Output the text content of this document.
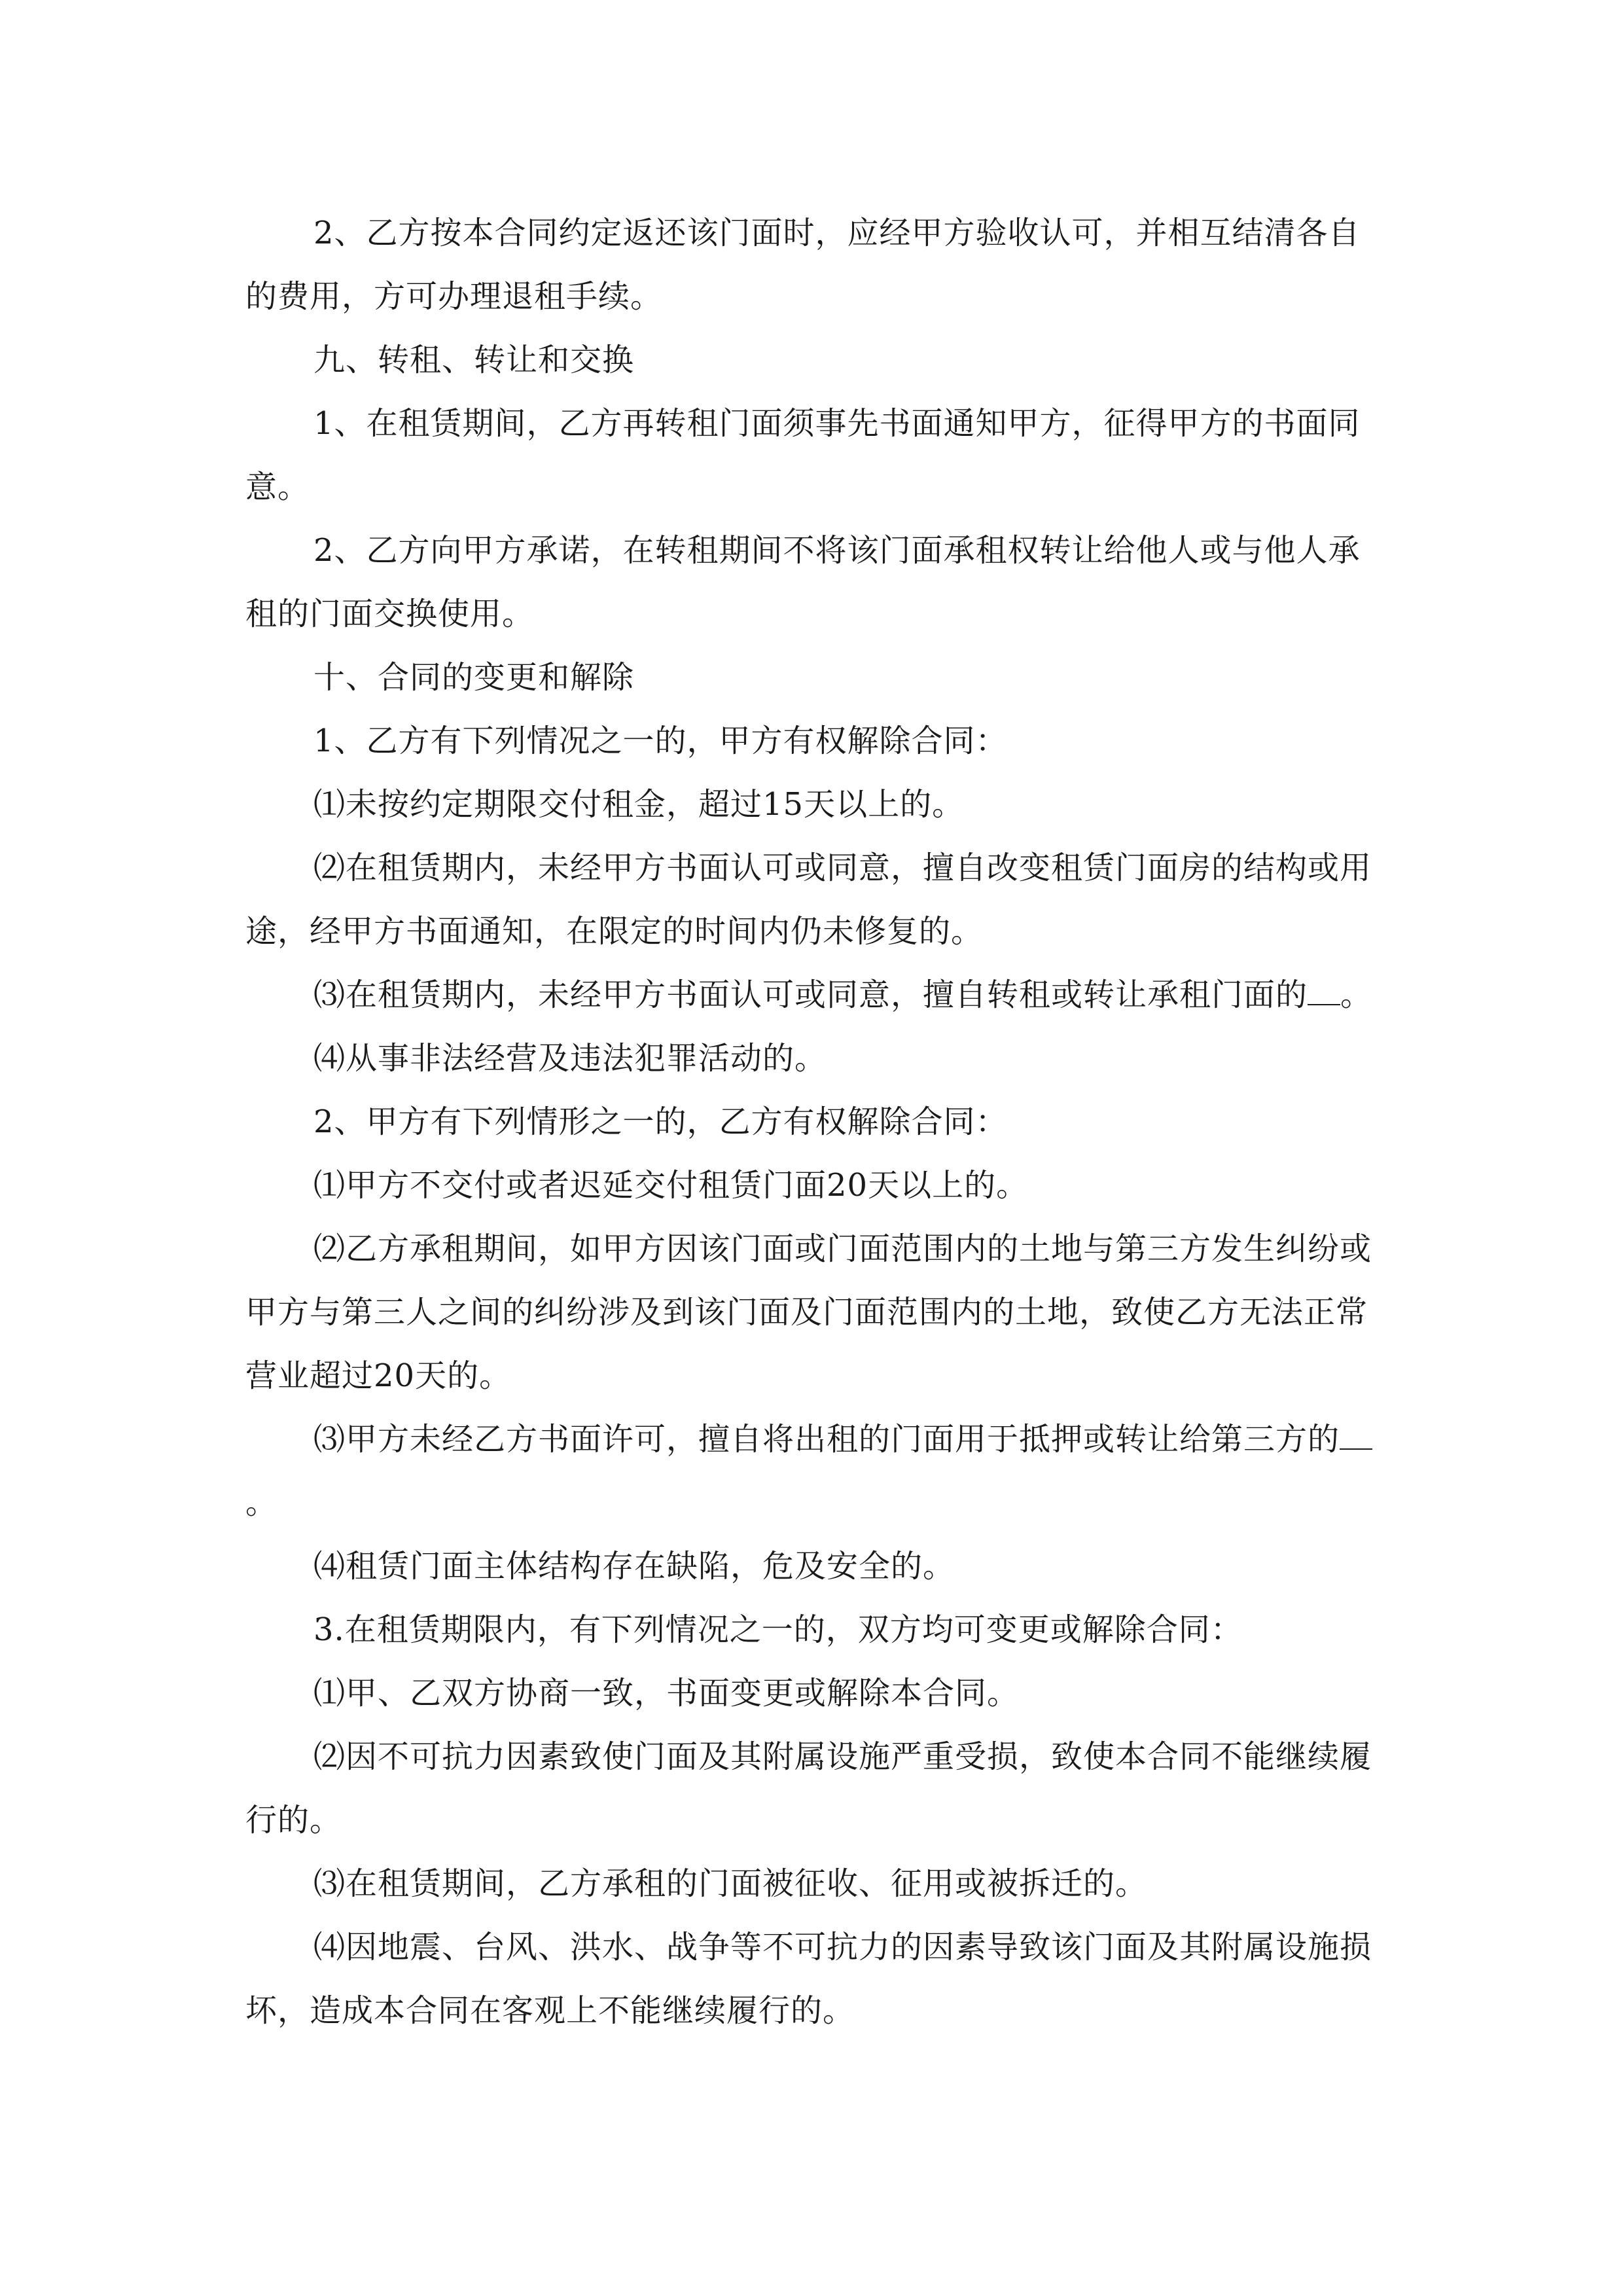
2、乙方按本合同约定返还该门面时，应经甲方验收认可，并相互结清各自的费用，方可办理退租手续。

九、转租、转让和交换

1、在租赁期间，乙方再转租门面须事先书面通知甲方，征得甲方的书面同意。

2、乙方向甲方承诺，在转租期间不将该门面承租权转让给他人或与他人承租的门面交换使用。

十、合同的变更和解除

1、乙方有下列情况之一的，甲方有权解除合同：

⑴未按约定期限交付租金，超过15天以上的。

⑵在租赁期内，未经甲方书面认可或同意，擅自改变租赁门面房的结构或用途，经甲方书面通知，在限定的时间内仍未修复的。

⑶在租赁期内，未经甲方书面认可或同意，擅自转租或转让承租门面的 。

⑷从事非法经营及违法犯罪活动的。

2、甲方有下列情形之一的，乙方有权解除合同：

⑴甲方不交付或者迟延交付租赁门面20天以上的。

⑵乙方承租期间，如甲方因该门面或门面范围内的土地与第三方发生纠纷或甲方与第三人之间的纠纷涉及到该门面及门面范围内的土地，致使乙方无法正常营业超过20天的。

⑶甲方未经乙方书面许可，擅自将出租的门面用于抵押或转让给第三方的。

⑷租赁门面主体结构存在缺陷，危及安全的。

3.在租赁期限内，有下列情况之一的，双方均可变更或解除合同：

⑴甲、乙双方协商一致，书面变更或解除本合同。

⑵因不可抗力因素致使门面及其附属设施严重受损，致使本合同不能继续履行的。

⑶在租赁期间，乙方承租的门面被征收、征用或被拆迁的。

⑷因地震、台风、洪水、战争等不可抗力的因素导致该门面及其附属设施损坏，造成本合同在客观上不能继续履行的。
